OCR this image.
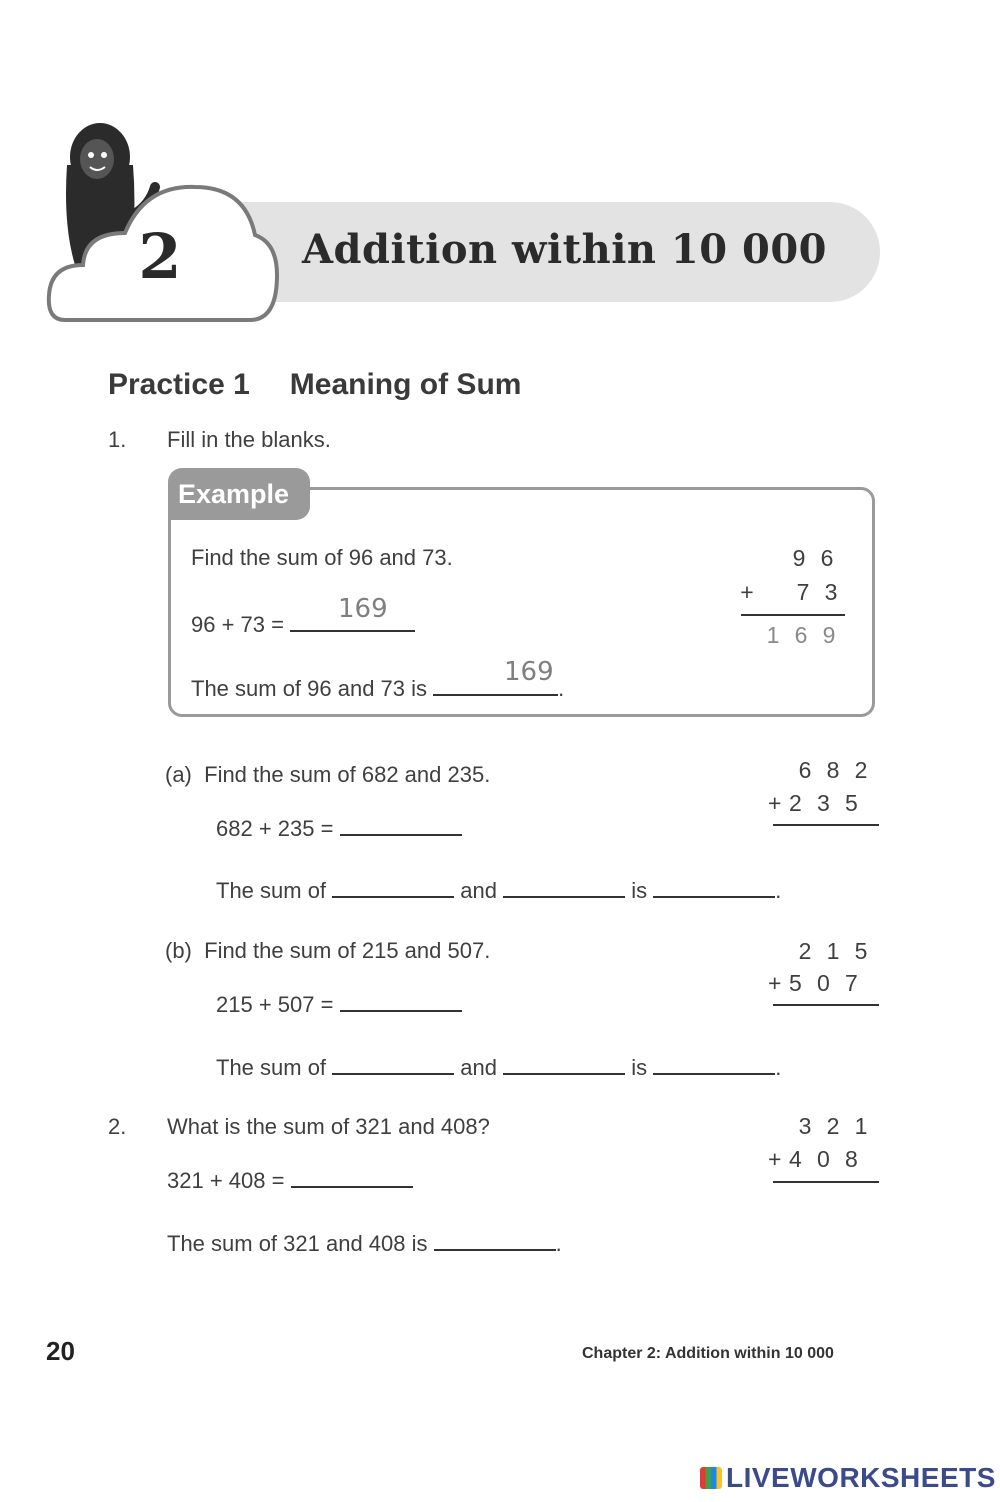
Addition within 10 000
2
Practice 1 Meaning of Sum
1. Fill in the blanks.
Example
Find the sum of 96 and 73.
96 + 73 =
169
The sum of 96 and 73 is	.
169
9 6
+ 7 3
1 6 9
(a) Find the sum of 682 and 235.
682 + 235 =
The sum of	and	is	.
6 8 2
+ 2 3 5
(b) Find the sum of 215 and 507.
215 + 507 =
The sum of	and	is	.
2 1 5
+ 5 0 7
2. What is the sum of 321 and 408?
321 + 408 =
The sum of 321 and 408 is	.
3 2 1
+ 4 0 8
20	Chapter 2: Addition within 10 000
LIVEWORKSHEETS
